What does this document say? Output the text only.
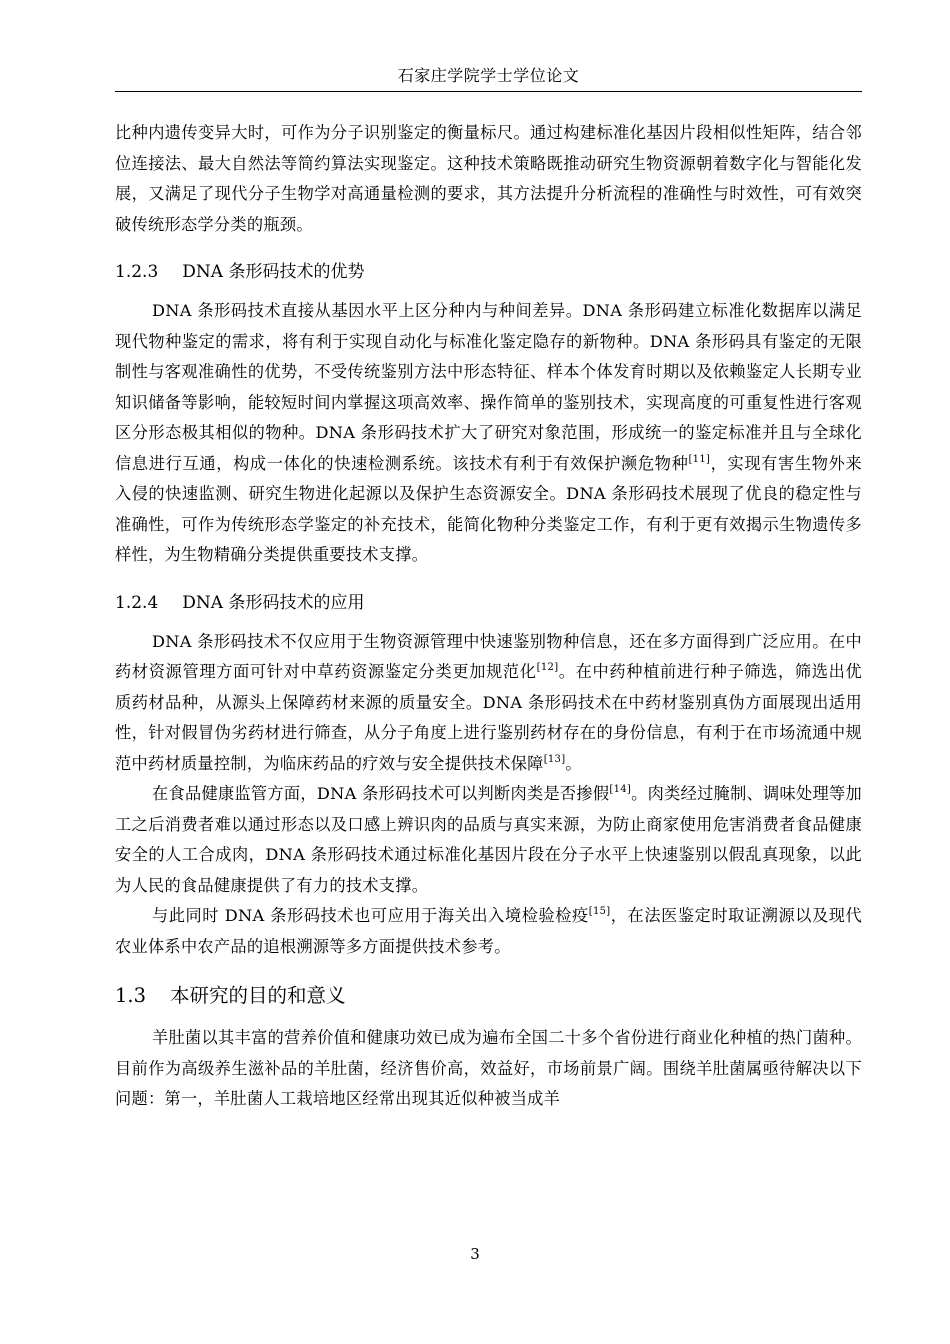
石家庄学院学士学位论文

比种内遗传变异大时，可作为分子识别鉴定的衡量标尺。通过构建标准化基因片段相似性矩阵，结合邻位连接法、最大自然法等简约算法实现鉴定。这种技术策略既推动研究生物资源朝着数字化与智能化发展，又满足了现代分子生物学对高通量检测的要求，其方法提升分析流程的准确性与时效性，可有效突破传统形态学分类的瓶颈。

1.2.3 DNA 条形码技术的优势

DNA 条形码技术直接从基因水平上区分种内与种间差异。DNA 条形码建立标准化数据库以满足现代物种鉴定的需求，将有利于实现自动化与标准化鉴定隐存的新物种。DNA 条形码具有鉴定的无限制性与客观准确性的优势，不受传统鉴别方法中形态特征、样本个体发育时期以及依赖鉴定人长期专业知识储备等影响，能较短时间内掌握这项高效率、操作简单的鉴别技术，实现高度的可重复性进行客观区分形态极其相似的物种。DNA 条形码技术扩大了研究对象范围，形成统一的鉴定标准并且与全球化信息进行互通，构成一体化的快速检测系统。该技术有利于有效保护濒危物种[11]，实现有害生物外来入侵的快速监测、研究生物进化起源以及保护生态资源安全。DNA 条形码技术展现了优良的稳定性与准确性，可作为传统形态学鉴定的补充技术，能简化物种分类鉴定工作，有利于更有效揭示生物遗传多样性，为生物精确分类提供重要技术支撑。

1.2.4 DNA 条形码技术的应用

DNA 条形码技术不仅应用于生物资源管理中快速鉴别物种信息，还在多方面得到广泛应用。在中药材资源管理方面可针对中草药资源鉴定分类更加规范化[12]。在中药种植前进行种子筛选，筛选出优质药材品种，从源头上保障药材来源的质量安全。DNA 条形码技术在中药材鉴别真伪方面展现出适用性，针对假冒伪劣药材进行筛查，从分子角度上进行鉴别药材存在的身份信息，有利于在市场流通中规范中药材质量控制，为临床药品的疗效与安全提供技术保障[13]。

在食品健康监管方面，DNA 条形码技术可以判断肉类是否掺假[14]。肉类经过腌制、调味处理等加工之后消费者难以通过形态以及口感上辨识肉的品质与真实来源，为防止商家使用危害消费者食品健康安全的人工合成肉，DNA 条形码技术通过标准化基因片段在分子水平上快速鉴别以假乱真现象，以此为人民的食品健康提供了有力的技术支撑。

与此同时 DNA 条形码技术也可应用于海关出入境检验检疫[15]，在法医鉴定时取证溯源以及现代农业体系中农产品的追根溯源等多方面提供技术参考。

1.3 本研究的目的和意义

羊肚菌以其丰富的营养价值和健康功效已成为遍布全国二十多个省份进行商业化种植的热门菌种。目前作为高级养生滋补品的羊肚菌，经济售价高，效益好，市场前景广阔。围绕羊肚菌属亟待解决以下问题：第一，羊肚菌人工栽培地区经常出现其近似种被当成羊

3
